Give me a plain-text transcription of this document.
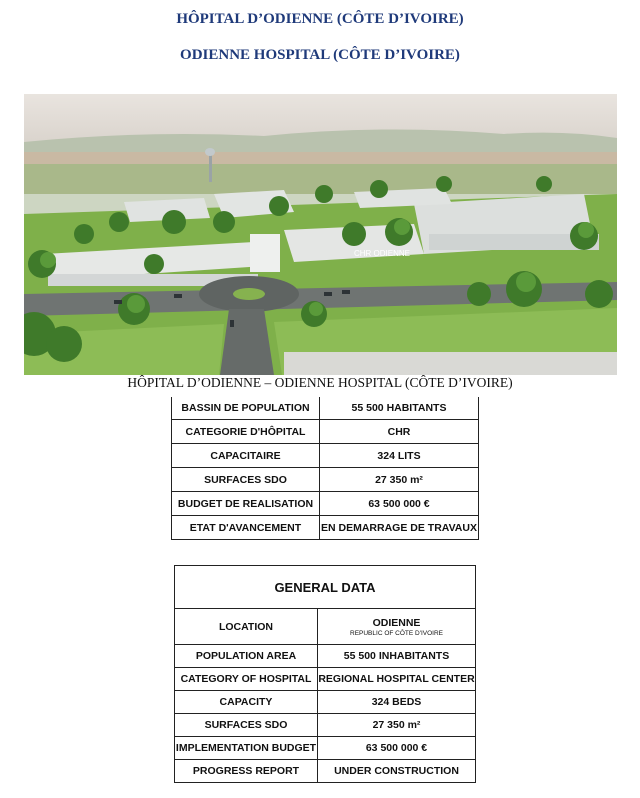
HÔPITAL D’ODIENNE (CÔTE D’IVOIRE)
ODIENNE HOSPITAL (CÔTE D’IVOIRE)
CHR ODIENNE
HÔPITAL D’ODIENNE – ODIENNE HOSPITAL (CÔTE D’IVOIRE)
BASSIN DE POPULATION	55 500 HABITANTS
CATEGORIE D'HÔPITAL	CHR
CAPACITAIRE	324 LITS
SURFACES SDO	27 350 m²
BUDGET DE REALISATION	63 500 000 €
ETAT D'AVANCEMENT	EN DEMARRAGE DE TRAVAUX
GENERAL DATA	
LOCATION	ODIENNE
REPUBLIC OF CÔTE D'IVOIRE

POPULATION AREA	55 500 INHABITANTS
CATEGORY OF HOSPITAL	REGIONAL HOSPITAL CENTER
CAPACITY	324 BEDS
SURFACES SDO	27 350 m²
IMPLEMENTATION BUDGET	63 500 000 €
PROGRESS REPORT	UNDER CONSTRUCTION
